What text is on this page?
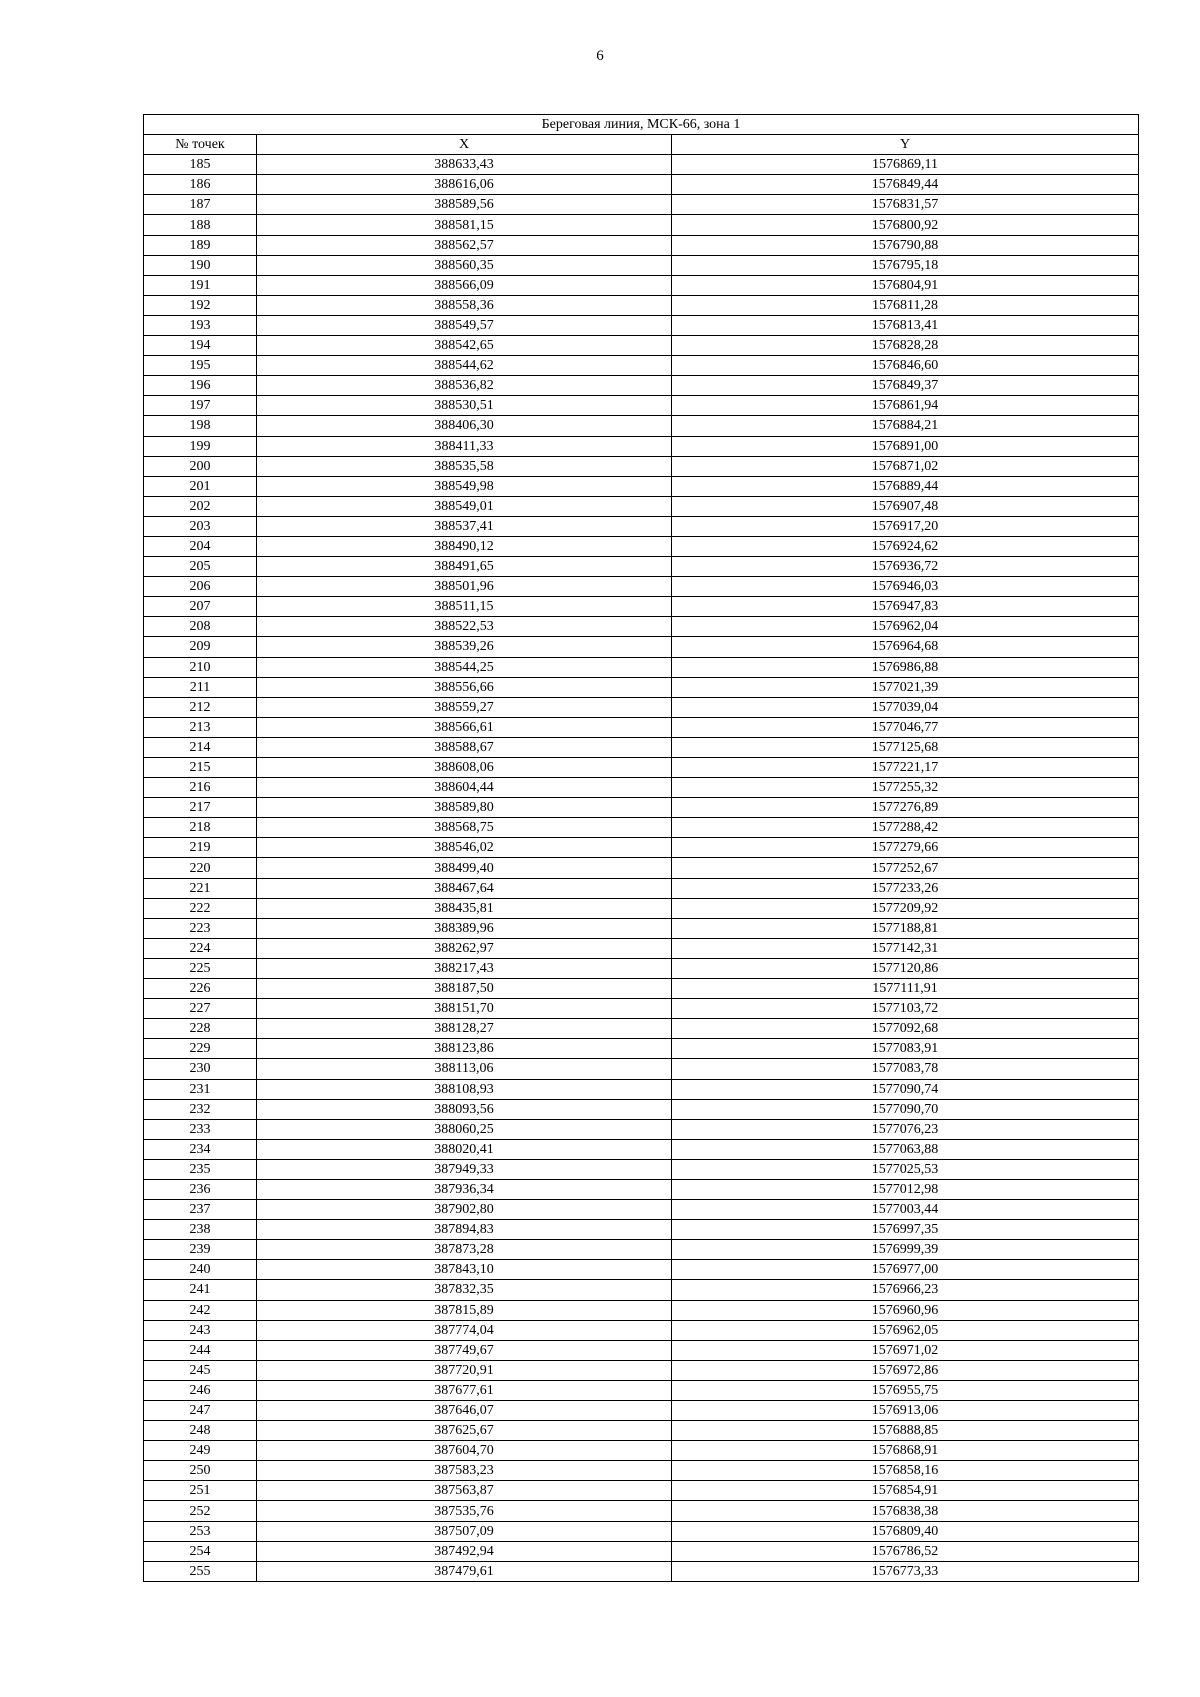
6
Береговая линия, МСК-66, зона 1		
№ точек	X	Y
185	388633,43	1576869,11
186	388616,06	1576849,44
187	388589,56	1576831,57
188	388581,15	1576800,92
189	388562,57	1576790,88
190	388560,35	1576795,18
191	388566,09	1576804,91
192	388558,36	1576811,28
193	388549,57	1576813,41
194	388542,65	1576828,28
195	388544,62	1576846,60
196	388536,82	1576849,37
197	388530,51	1576861,94
198	388406,30	1576884,21
199	388411,33	1576891,00
200	388535,58	1576871,02
201	388549,98	1576889,44
202	388549,01	1576907,48
203	388537,41	1576917,20
204	388490,12	1576924,62
205	388491,65	1576936,72
206	388501,96	1576946,03
207	388511,15	1576947,83
208	388522,53	1576962,04
209	388539,26	1576964,68
210	388544,25	1576986,88
211	388556,66	1577021,39
212	388559,27	1577039,04
213	388566,61	1577046,77
214	388588,67	1577125,68
215	388608,06	1577221,17
216	388604,44	1577255,32
217	388589,80	1577276,89
218	388568,75	1577288,42
219	388546,02	1577279,66
220	388499,40	1577252,67
221	388467,64	1577233,26
222	388435,81	1577209,92
223	388389,96	1577188,81
224	388262,97	1577142,31
225	388217,43	1577120,86
226	388187,50	1577111,91
227	388151,70	1577103,72
228	388128,27	1577092,68
229	388123,86	1577083,91
230	388113,06	1577083,78
231	388108,93	1577090,74
232	388093,56	1577090,70
233	388060,25	1577076,23
234	388020,41	1577063,88
235	387949,33	1577025,53
236	387936,34	1577012,98
237	387902,80	1577003,44
238	387894,83	1576997,35
239	387873,28	1576999,39
240	387843,10	1576977,00
241	387832,35	1576966,23
242	387815,89	1576960,96
243	387774,04	1576962,05
244	387749,67	1576971,02
245	387720,91	1576972,86
246	387677,61	1576955,75
247	387646,07	1576913,06
248	387625,67	1576888,85
249	387604,70	1576868,91
250	387583,23	1576858,16
251	387563,87	1576854,91
252	387535,76	1576838,38
253	387507,09	1576809,40
254	387492,94	1576786,52
255	387479,61	1576773,33
